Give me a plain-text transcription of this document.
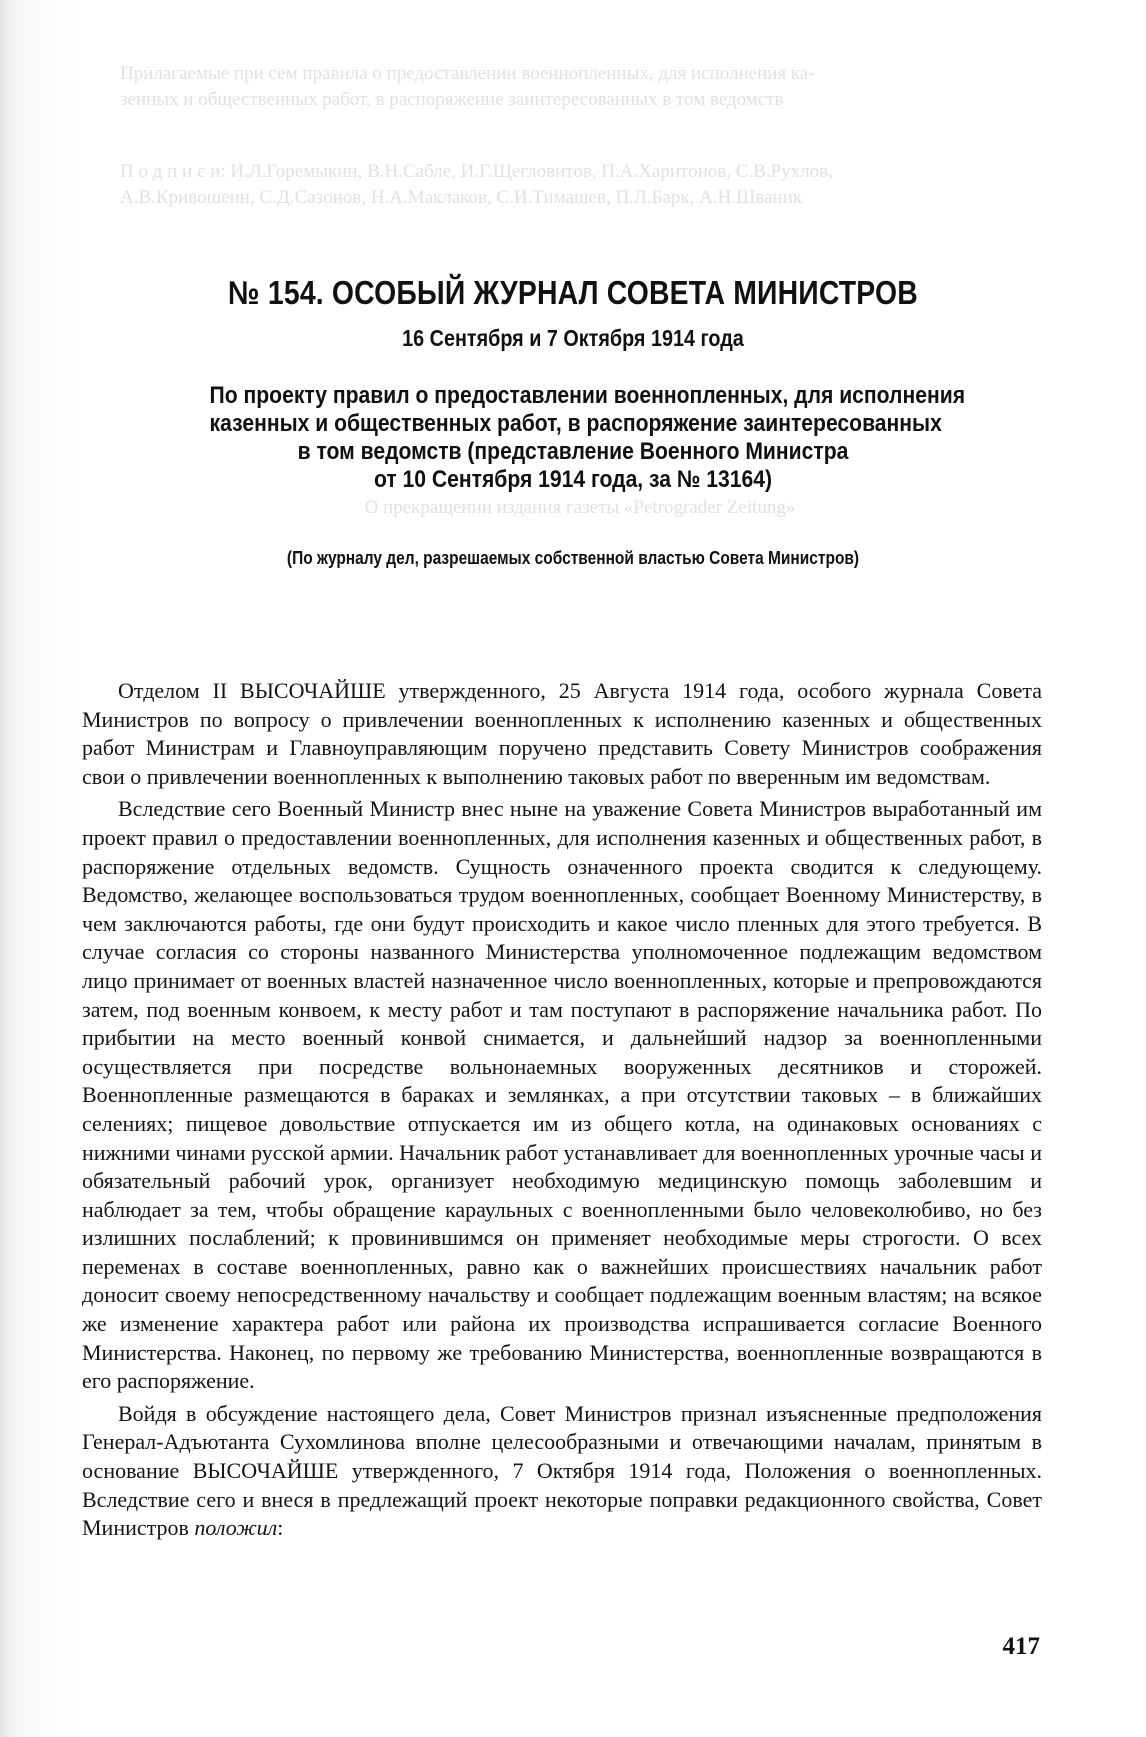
Прилагаемые при сем правила о предоставлении военнопленных, для исполнения ка-
зенных и общественных работ, в распоряжение заинтересованных в том ведомств
П о д п и с и: И.Л.Горемыкин, В.Н.Сабле, И.Г.Щегловитов, П.А.Харитонов, С.В.Рухлов,
А.В.Кривошеин, С.Д.Сазонов, Н.А.Маклаков, С.И.Тимашев, П.Л.Барк, А.Н.Шваник
О прекращении издания газеты «Petrograder Zeitung»
№ 154. ОСОБЫЙ ЖУРНАЛ СОВЕТА МИНИСТРОВ
16 Сентября и 7 Октября 1914 года
По проекту правил о предоставлении военнопленных, для исполнения
казенных и общественных работ, в распоряжение заинтересованных
в том ведомств (представление Военного Министра
от 10 Сентября 1914 года, за № 13164)
(По журналу дел, разрешаемых собственной властью Совета Министров)

Отделом II ВЫСОЧАЙШЕ утвержденного, 25 Августа 1914 года, особого журнала Совета Министров по вопросу о привлечении военнопленных к исполнению казенных и общественных работ Министрам и Главноуправляющим поручено представить Совету Министров соображения свои о привлечении военнопленных к выполнению таковых работ по вверенным им ведомствам.

Вследствие сего Военный Министр внес ныне на уважение Совета Министров выработанный им проект правил о предоставлении военнопленных, для исполнения казенных и общественных работ, в распоряжение отдельных ведомств. Сущность означенного проекта сводится к следующему. Ведомство, желающее воспользоваться трудом военнопленных, сообщает Военному Министерству, в чем заключаются работы, где они будут происходить и какое число пленных для этого требуется. В случае согласия со стороны названного Министерства уполномоченное подлежащим ведомством лицо принимает от военных властей назначенное число военнопленных, которые и препровождаются затем, под военным конвоем, к месту работ и там поступают в распоряжение начальника работ. По прибытии на место военный конвой снимается, и дальнейший надзор за военнопленными осуществляется при посредстве вольнонаемных вооруженных десятников и сторожей. Военнопленные размещаются в бараках и землянках, а при отсутствии таковых – в ближайших селениях; пищевое довольствие отпускается им из общего котла, на одинаковых основаниях с нижними чинами русской армии. Начальник работ устанавливает для военнопленных урочные часы и обязательный рабочий урок, организует необходимую медицинскую помощь заболевшим и наблюдает за тем, чтобы обращение караульных с военнопленными было человеколюбиво, но без излишних послаблений; к провинившимся он применяет необходимые меры строгости. О всех переменах в составе военнопленных, равно как о важнейших происшествиях начальник работ доносит своему непосредственному начальству и сообщает подлежащим военным властям; на всякое же изменение характера работ или района их производства испрашивается согласие Военного Министерства. Наконец, по первому же требованию Министерства, военнопленные возвращаются в его распоряжение.

Войдя в обсуждение настоящего дела, Совет Министров признал изъясненные предположения Генерал-Адъютанта Сухомлинова вполне целесообразными и отвечающими началам, принятым в основание ВЫСОЧАЙШЕ утвержденного, 7 Октября 1914 года, Положения о военнопленных. Вследствие сего и внеся в предлежащий проект некоторые поправки редакционного свойства, Совет Министров положил:

417
